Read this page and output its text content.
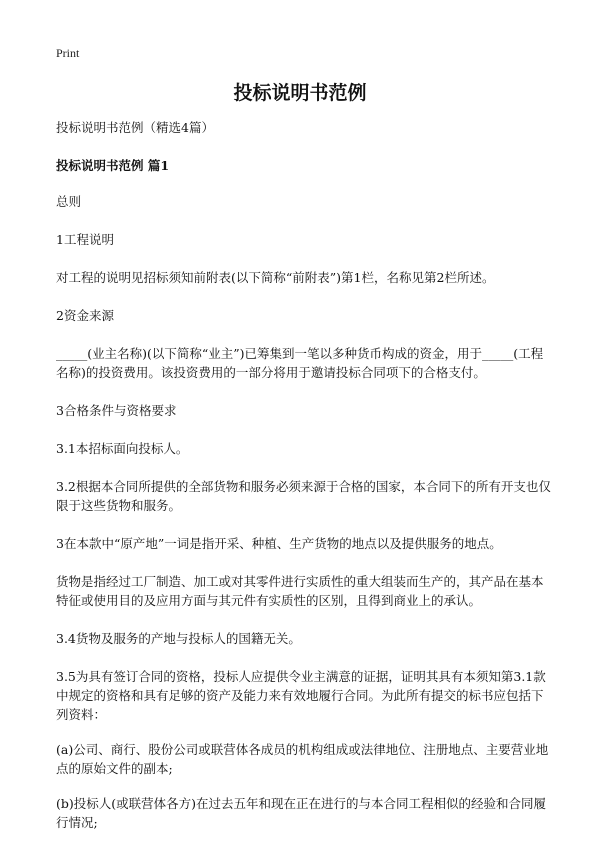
Print
投标说明书范例

投标说明书范例（精选4篇）

投标说明书范例 篇1

总则

1工程说明

对工程的说明见招标须知前附表(以下简称“前附表”)第1栏，名称见第2栏所述。

2资金来源

_____(业主名称)(以下简称“业主”)已筹集到一笔以多种货币构成的资金，用于_____(工程名称)的投资费用。该投资费用的一部分将用于邀请投标合同项下的合格支付。

3合格条件与资格要求

3.1本招标面向投标人。

3.2根据本合同所提供的全部货物和服务必须来源于合格的国家，本合同下的所有开支也仅限于这些货物和服务。

3在本款中“原产地”一词是指开采、种植、生产货物的地点以及提供服务的地点。

货物是指经过工厂制造、加工或对其零件进行实质性的重大组装而生产的，其产品在基本特征或使用目的及应用方面与其元件有实质性的区别，且得到商业上的承认。

3.4货物及服务的产地与投标人的国籍无关。

3.5为具有签订合同的资格，投标人应提供令业主满意的证据，证明其具有本须知第3.1款中规定的资格和具有足够的资产及能力来有效地履行合同。为此所有提交的标书应包括下列资料：

(a)公司、商行、股份公司或联营体各成员的机构组成或法律地位、注册地点、主要营业地点的原始文件的副本;

(b)投标人(或联营体各方)在过去五年和现在正在进行的与本合同工程相似的经验和合同履行情况;
